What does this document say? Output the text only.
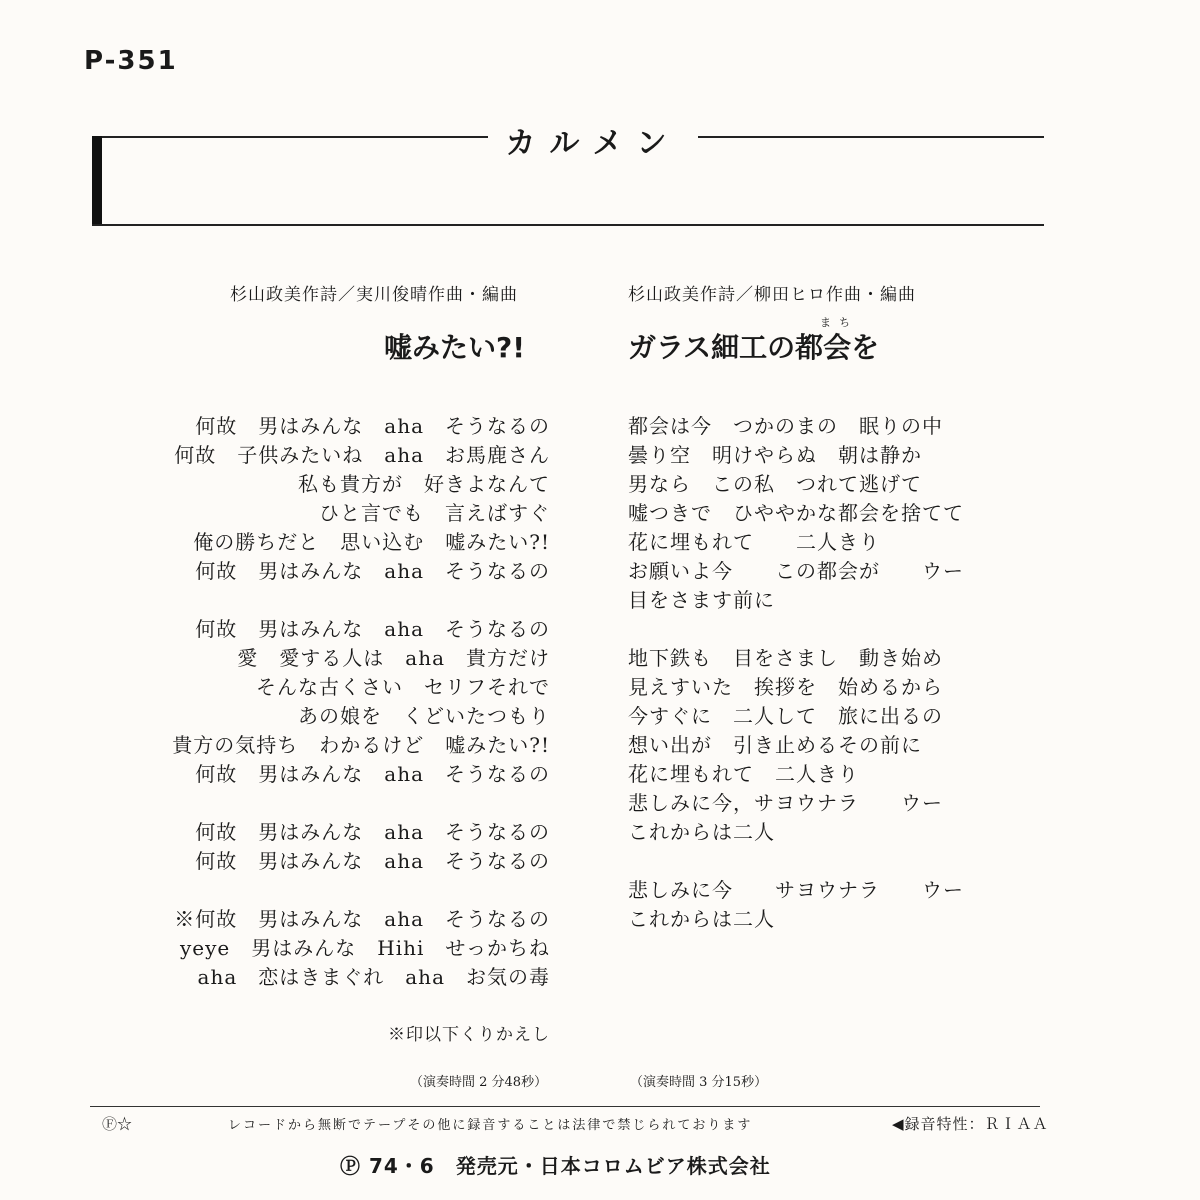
P-351
カルメン
杉山政美作詩／実川俊晴作曲・編曲
嘘みたい?!
何故　男はみんな　aha　そうなるの
何故　子供みたいね　aha　お馬鹿さん
私も貴方が　好きよなんて
ひと言でも　言えばすぐ
俺の勝ちだと　思い込む　嘘みたい?!
何故　男はみんな　aha　そうなるの
何故　男はみんな　aha　そうなるの
愛　愛する人は　aha　貴方だけ
そんな古くさい　セリフそれで
あの娘を　くどいたつもり
貴方の気持ち　わかるけど　嘘みたい?!
何故　男はみんな　aha　そうなるの
何故　男はみんな　aha　そうなるの
何故　男はみんな　aha　そうなるの
※何故　男はみんな　aha　そうなるの
yeye　男はみんな　Hihi　せっかちね
aha　恋はきまぐれ　aha　お気の毒
※印以下くりかえし
（演奏時間 2 分48秒）
杉山政美作詩／柳田ヒロ作曲・編曲
まち
ガラス細工の都会を
都会は今　つかのまの　眠りの中
曇り空　明けやらぬ　朝は静か
男なら　この私　つれて逃げて
嘘つきで　ひややかな都会を捨てて
花に埋もれて　　二人きり
お願いよ今　　この都会が　　ウー
目をさます前に
地下鉄も　目をさまし　動き始め
見えすいた　挨拶を　始めるから
今すぐに　二人して　旅に出るの
想い出が　引き止めるその前に
花に埋もれて　二人きり
悲しみに今，サヨウナラ　　ウー
これからは二人
悲しみに今　　サヨウナラ　　ウー
これからは二人
（演奏時間 3 分15秒）
Ⓕ☆	レコードから無断でテープその他に録音することは法律で禁じられております	◀録音特性：ＲＩＡＡ
Ⓟ 74・6　発売元・日本コロムビア株式会社
